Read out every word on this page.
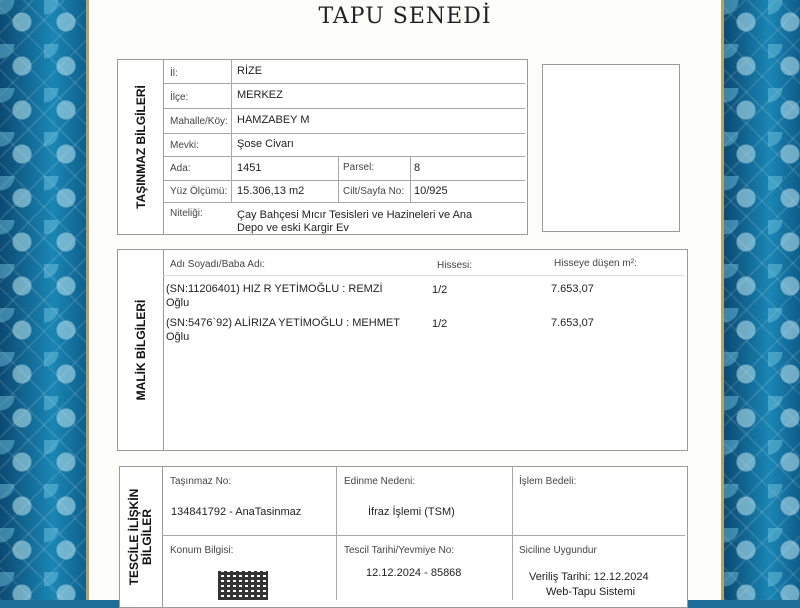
TAPU SENEDİ
TAŞINMAZ BİLGİLERİ
İl:	RİZE
İlçe:	MERKEZ
Mahalle/Köy: HAMZABEY M
Mevki:	Şose Civarı
Ada:	1451	Parsel:	8
Yüz Ölçümü: 15.306,13 m2	Cilt/Sayfa No: 10/925
Niteliği:	Çay Bahçesi Mıcır Tesisleri ve Hazineleri ve Ana
Depo ve eski Kargir Ev
MALİK BİLGİLERİ
Adı Soyadı/Baba Adı:	Hissesi:	Hisseye düşen m²:
(SN:11206401) HIZ R YETİMOĞLU : REMZİ
Oğlu
1/2	7.653,07
(SN:5476`92) ALİRIZA YETİMOĞLU : MEHMET
Oğlu
1/2	7.653,07
TESCİLE İLİŞKİN BİLGİLER
Taşınmaz No:
134841792 - AnaTasinmaz
Edinme Nedeni:
İfraz İşlemi (TSM)
İşlem Bedeli:
Konum Bilgisi:	Tescil Tarihi/Yevmiye No:
12.12.2024 - 85868
Siciline Uygundur
Veriliş Tarihi: 12.12.2024
Web-Tapu Sistemi
